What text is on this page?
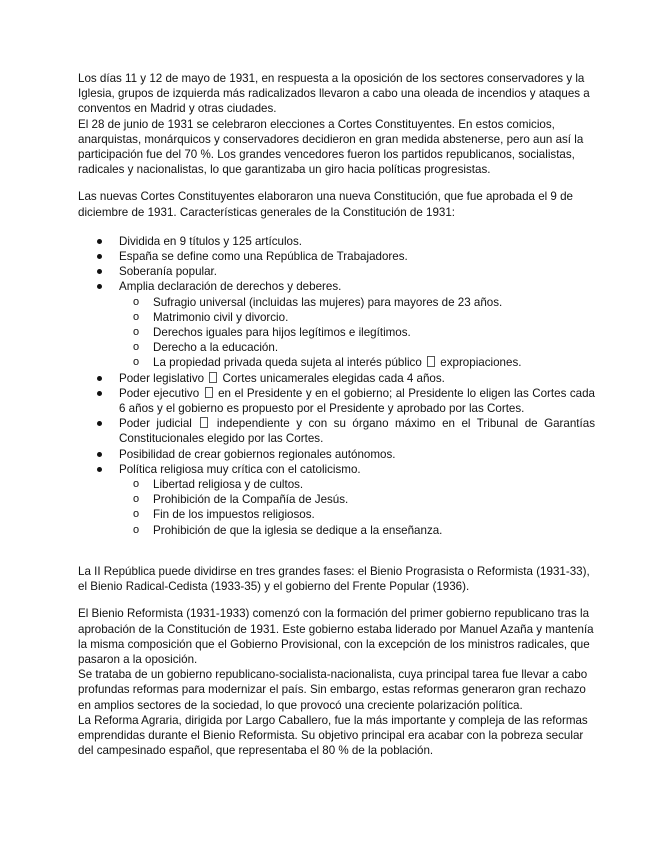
Los días 11 y 12 de mayo de 1931, en respuesta a la oposición de los sectores conservadores y la Iglesia, grupos de izquierda más radicalizados llevaron a cabo una oleada de incendios y ataques a conventos en Madrid y otras ciudades.

El 28 de junio de 1931 se celebraron elecciones a Cortes Constituyentes. En estos comicios, anarquistas, monárquicos y conservadores decidieron en gran medida abstenerse, pero aun así la participación fue del 70 %. Los grandes vencedores fueron los partidos republicanos, socialistas, radicales y nacionalistas, lo que garantizaba un giro hacia políticas progresistas.

Las nuevas Cortes Constituyentes elaboraron una nueva Constitución, que fue aprobada el 9 de diciembre de 1931. Características generales de la Constitución de 1931:

Dividida en 9 títulos y 125 artículos.
España se define como una República de Trabajadores.
Soberanía popular.
Amplia declaración de derechos y deberes.
o Sufragio universal (incluidas las mujeres) para mayores de 23 años.
o Matrimonio civil y divorcio.
o Derechos iguales para hijos legítimos e ilegítimos.
o Derecho a la educación.
o La propiedad privada queda sujeta al interés público expropiaciones.
Poder legislativo Cortes unicamerales elegidas cada 4 años.
Poder ejecutivo en el Presidente y en el gobierno; al Presidente lo eligen las Cortes cada 6 años y el gobierno es propuesto por el Presidente y aprobado por las Cortes.
Poder judicial independiente y con su órgano máximo en el Tribunal de Garantías Constitucionales elegido por las Cortes.
Posibilidad de crear gobiernos regionales autónomos.
Política religiosa muy crítica con el catolicismo.
o Libertad religiosa y de cultos.
o Prohibición de la Compañía de Jesús.
o Fin de los impuestos religiosos.
o Prohibición de que la iglesia se dedique a la enseñanza.

La II República puede dividirse en tres grandes fases: el Bienio Prograsista o Reformista (1931-33), el Bienio Radical-Cedista (1933-35) y el gobierno del Frente Popular (1936).

El Bienio Reformista (1931-1933) comenzó con la formación del primer gobierno republicano tras la aprobación de la Constitución de 1931. Este gobierno estaba liderado por Manuel Azaña y mantenía la misma composición que el Gobierno Provisional, con la excepción de los ministros radicales, que pasaron a la oposición.

Se trataba de un gobierno republicano-socialista-nacionalista, cuya principal tarea fue llevar a cabo profundas reformas para modernizar el país. Sin embargo, estas reformas generaron gran rechazo en amplios sectores de la sociedad, lo que provocó una creciente polarización política.

La Reforma Agraria, dirigida por Largo Caballero, fue la más importante y compleja de las reformas emprendidas durante el Bienio Reformista. Su objetivo principal era acabar con la pobreza secular del campesinado español, que representaba el 80 % de la población.
